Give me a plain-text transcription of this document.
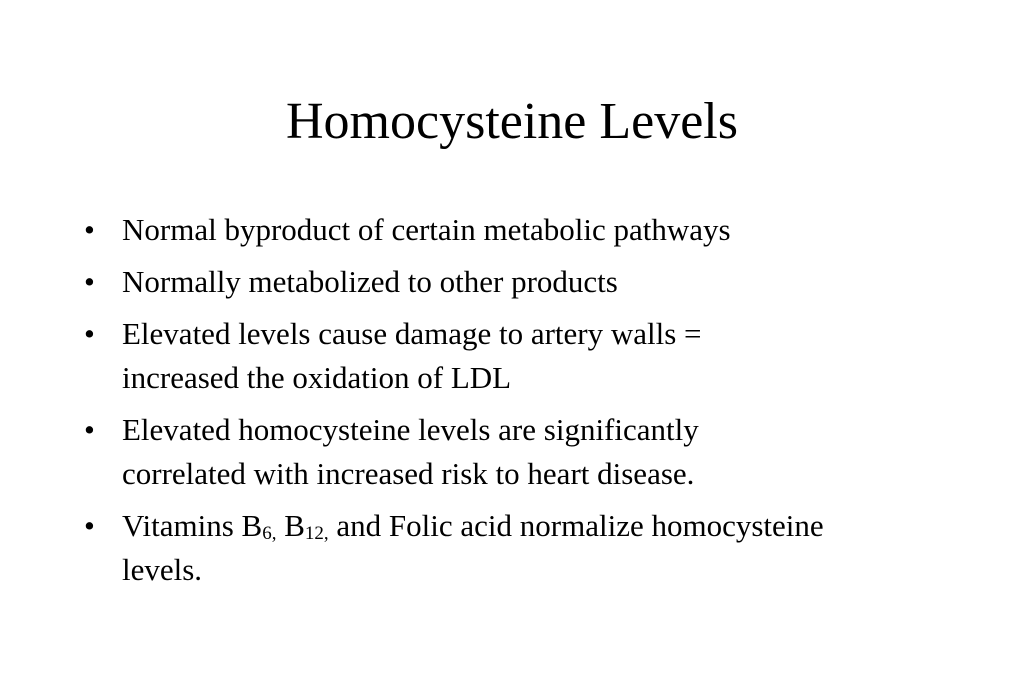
Homocysteine Levels
• Normal byproduct of certain metabolic pathways
• Normally metabolized to other products
• Elevated levels cause damage to artery walls =
increased the oxidation of LDL
• Elevated homocysteine levels are significantly
correlated with increased risk to heart disease.
• Vitamins B6, B12, and Folic acid normalize homocysteine
levels.
